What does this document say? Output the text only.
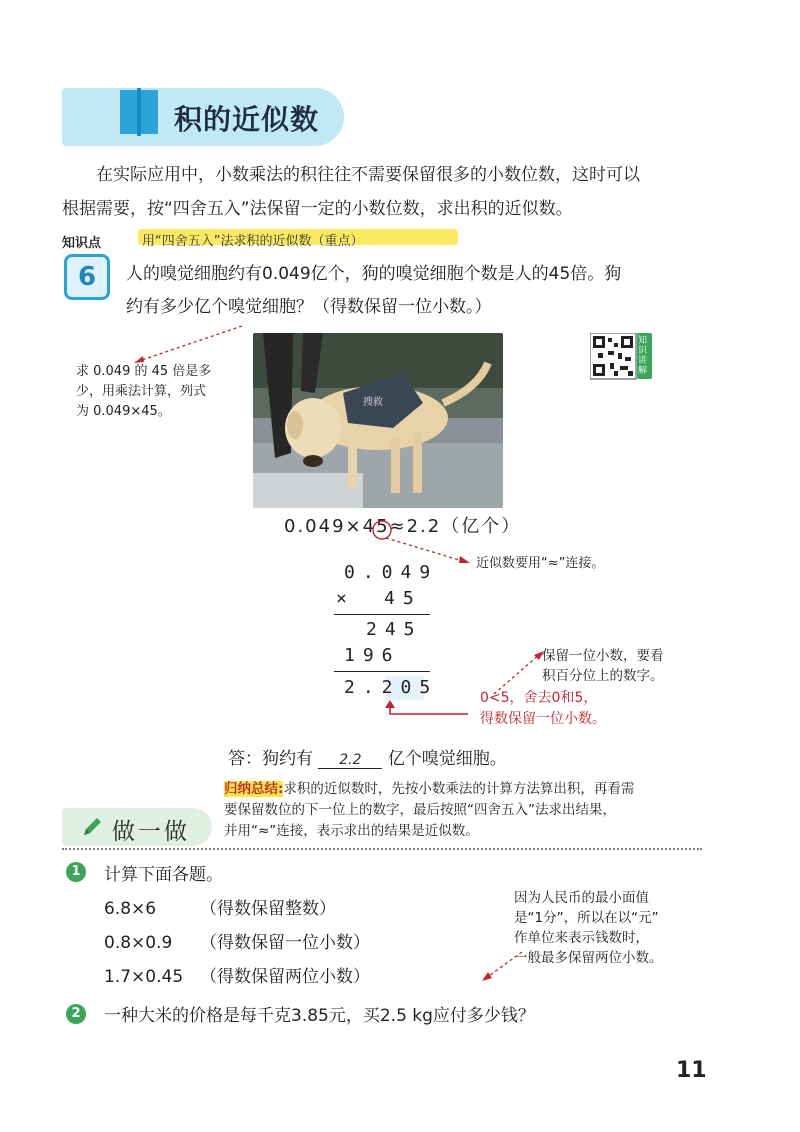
积的近似数
在实际应用中，小数乘法的积往往不需要保留很多的小数位数，这时可以
根据需要，按“四舍五入”法保留一定的小数位数，求出积的近似数。
知识点	用“四舍五入”法求积的近似数（重点）
6	人的嗅觉细胞约有0.049亿个，狗的嗅觉细胞个数是人的45倍。狗
约有多少亿个嗅觉细胞？（得数保留一位小数。）
求 0.049 的 45 倍是多
少，用乘法计算，列式
为 0.049×45。
搜救
知识讲解
0.049×45≈2.2（亿个）
近似数要用“≈”连接。
0.049
× 45
245
196
2.205
保留一位小数，要看
积百分位上的数字。
0<5，舍去0和5，
得数保留一位小数。
答：狗约有 2.2 亿个嗅觉细胞。
归纳总结:求积的近似数时，先按小数乘法的计算方法算出积，再看需
要保留数位的下一位上的数字，最后按照“四舍五入”法求出结果，
并用“≈”连接，表示求出的结果是近似数。
做一做
1	计算下面各题。
6.8×6	（得数保留整数）
0.8×0.9 （得数保留一位小数）
1.7×0.45 （得数保留两位小数）
因为人民币的最小面值
是“1分”，所以在以“元”
作单位来表示钱数时，
一般最多保留两位小数。
2	一种大米的价格是每千克3.85元，买2.5 kg应付多少钱？
11
